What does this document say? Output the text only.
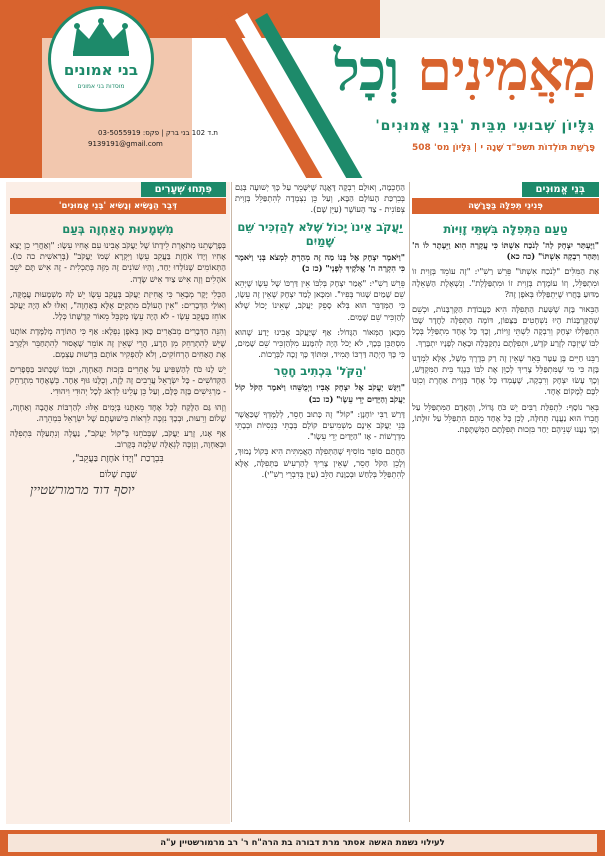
בני אמונים
מוסדות בני אמונים
ת.ד 102 בני ברק | פקס: 03-5055919
9139191@gmail.com
מַאֲמִינִים וְכָל
גִּלָּיוֹן שְׁבוּעִי מִבֵּית 'בְּנֵי אֱמוּנִים'
פָּרָשַׁת תּוֹלְדוֹת תשפ"ד שָׁנָה י | גִּלָּיוֹן מס' 508
בְּנֵי אֱמוּנִים
פְּנִינֵי תְּפִלָּה בַּפָּרָשָׁה
טַעַם הַתְּפִלָּה בִּשְׁתֵּי זָוִיּוֹת

"וַיֶּעְתַּר יִצְחָק לַה' לְנֹכַח אִשְׁתּוֹ כִּי עֲקָרָה הִוא וַיֵּעָתֶר לוֹ ה' וַתַּהַר רִבְקָה אִשְׁתּוֹ" (כה כא)

אֶת הַמִּלִּים "לְנֹכַח אִשְׁתּוֹ" פֵּרֵשׁ רַשִׁ"י: "זֶה עוֹמֵד בְּזָוִית זוֹ וּמִתְפַּלֵּל, וְזוֹ עוֹמֶדֶת בְּזָוִית זוֹ וּמִתְפַּלֶּלֶת". וְנִשְׁאֶלֶת הַשְּׁאֵלָה מַדּוּעַ בָּחֲרוּ שֶׁיִּתְפַּלְּלוּ בְּאֹפֶן זֶה?

הַבֵּאוּר בָּזֶה שֶׁשְּׁעַת הַתְּפִלָּה הִיא כַּעֲבוֹדַת הַקָּרְבָּנוֹת, וּכְשֵׁם שֶׁהַקָּרְבָּנוֹת הָיוּ נִשְׁחָטִים בַּצָּפוֹן, דּוֹמֶה הַתְּפִלָּה לַחֲדָר שֶׁבּוֹ הִתְפַּלְּלוּ יִצְחָק וְרִבְקָה לִשְׁתֵּי זָוִיּוֹת, וְכָךְ כָּל אֶחָד מִתְפַּלֵּל בְּכָל לִבּוֹ שֶׁיִּזְכֶּה לְזֶרַע קֹדֶשׁ, וּתְפִלָּתָם נִתְקַבְּלָה וּבָאָה לְפָנָיו יִתְבָּרַךְ.

רַבֵּנוּ חַיִּים בֶּן עַטָּר בֵּאֵר שֶׁאֵין זֶה רַק בְּדֶרֶךְ מְשָׁל, אֶלָּא לִמְדָנוּ בָּזֶה כִּי מִי שֶׁמִּתְפַּלֵּל צָרִיךְ לְכַוֵּן אֶת לִבּוֹ כְּנֶגֶד בֵּית הַמִּקְדָּשׁ, וְכָךְ עָשׂוּ יִצְחָק וְרִבְקָה, שֶׁעָמְדוּ כָּל אֶחָד בְּזָוִית אַחֶרֶת וְכִוְּנוּ לִבָּם לְמָקוֹם אֶחָד.

בְּאֵר נוֹסָף: לִתְפִלַּת רַבִּים יֵשׁ כֹּחַ גָּדוֹל, וְהָאָדָם הַמִּתְפַּלֵּל עַל חֲבֵרוֹ הוּא נַעֲנֶה תְּחִלָּה, לָכֵן כָּל אֶחָד מֵהֶם הִתְפַּלֵּל עַל זוּלָתוֹ, וְכָךְ נַעֲנוּ שְׁנֵיהֶם יַחַד בִּזְכוּת תְּפִלָּתָם הַמְּשֻׁתֶּפֶת.

הַחָכְמָה, וְאוּלָם רִבְקָה דָּאֲגָה שֶׁיִּשָּׁמֵר עַל כָּךְ יְשׁוּעָה בְּגַם בְּבִרְכַּת הָעוֹלָם הַבָּא, וְעַל כֵּן נִצְמְדָה לְהִתְפַּלֵּל בְּזָוִית צְפוֹנִית - צַד הָעוֹשֶׁר (עַיֵּן שָׁם).

יַעֲקֹב אֵינוֹ יָכוֹל שֶׁלֹּא לְהַזְכִּיר שֵׁם שָׁמַיִם

"וַיֹּאמֶר יִצְחָק אֶל בְּנוֹ מַה זֶּה מִהַרְתָּ לִמְצֹא בְּנִי וַיֹּאמֶר כִּי הִקְרָה ה' אֱלֹקֶיךָ לְפָנָי" (כז כ)

פֵּרֵשׁ רַשִׁ"י: "אָמַר יִצְחָק בְּלִבּוֹ אֵין דַּרְכּוֹ שֶׁל עֵשָׂו שֶׁיְּהֵא שֵׁם שָׁמַיִם שָׁגוּר בְּפִיו". וּמִכָּאן לָמַד יִצְחָק שֶׁאֵין זֶה עֵשָׂו, כִּי הַמְּדַבֵּר הוּא בְּלֹא סָפֵק יַעֲקֹב, שֶׁאֵינוֹ יָכוֹל שֶׁלֹּא לְהַזְכִּיר שֵׁם שָׁמַיִם.

מִכָּאן הַמְּאוֹר הַגָּדוֹל: אַף שֶׁיַּעֲקֹב אָבִינוּ יָדַע שֶׁהוּא מִסְתַּכֵּן בְּכָךְ, לֹא יָכֹל הָיָה לְהִמָּנַע מִלְּהַזְכִּיר שֵׁם שָׁמַיִם, כִּי כָּךְ הָיְתָה דַּרְכּוֹ תָּמִיד, וּמִתּוֹךְ כָּךְ זָכָה לַבְּרָכוֹת.

'הַקֹּל' בִּכְתִיב חָסֵר

"וַיִּגַּשׁ יַעֲקֹב אֶל יִצְחָק אָבִיו וַיְמֻשֵּׁהוּ וַיֹּאמֶר הַקֹּל קוֹל יַעֲקֹב וְהַיָּדַיִם יְדֵי עֵשָׂו" (כז כב)

דָּרַשׁ רַבִּי יוֹחָנָן: "קוֹל" זֶה כָּתוּב חָסֵר, לְלַמֶּדְךָ שֶׁכַּאֲשֶׁר בְּנֵי יַעֲקֹב אֵינָם מַשְׁמִיעִים קוֹלָם בְּבָתֵּי כְּנֵסִיּוֹת וּבְבָתֵּי מִדְרָשׁוֹת - אָז "הַיָּדַיִם יְדֵי עֵשָׂו".

הַחֲתַם סוֹפֵר מוֹסִיף שֶׁהַתְּפִלָּה הָאֲמִתִּית הִיא בְּקוֹל נָמוּךְ, וְלָכֵן הַקֹּל חָסֵר, שֶׁאֵין צָרִיךְ לְהַרְעִישׁ בַּתְּפִלָּה, אֶלָּא לְהִתְפַּלֵּל בְּלַחַשׁ וּבְכַוָּנַת הַלֵּב (עַיֵּן בְּדִבְרֵי רַשִׁ"י).

פִּתְחוּ שְׁעָרִים
דְּבַר הַנָּשִׂיא וְנָשִׂיא 'בְּנֵי אֱמוּנִים'
מִשְׁמָעוּת הָאַחְוָה בְּעַם

בְּפָרָשָׁתֵנוּ מְתֹאָרֶת לֵידָתוֹ שֶׁל יַעֲקֹב אָבִינוּ עִם אָחִיו עֵשָׂו: "וְאַחֲרֵי כֵן יָצָא אָחִיו וְיָדוֹ אֹחֶזֶת בַּעֲקֵב עֵשָׂו וַיִּקְרָא שְׁמוֹ יַעֲקֹב" (בְּרֵאשִׁית כה כו). הַתְּאוֹמִים שֶׁנּוֹלְדוּ יַחַד, וְהָיוּ שׁוֹנִים זֶה מִזֶּה בְּתַכְלִית - זֶה אִישׁ תָּם יֹשֵׁב אֹהָלִים וְזֶה אִישׁ צַיִד אִישׁ שָׂדֶה.

הַכְּלִי יָקָר מְבָאֵר כִּי אֲחִיזַת יַעֲקֹב בְּעֲקֵב עֵשָׂו יֵשׁ לָהּ מַשְׁמָעוּת עֲמֻקָּה, וְאוֹלַי הַדְּבָרִים: "אֵין הָעוֹלָם מִתְקַיֵּם אֶלָּא בְּאַחְוָה", וְאִלּוּ לֹא הָיָה יַעֲקֹב אוֹחֵז בַּעֲקֵב עֵשָׂו - לֹא הָיָה עֵשָׂו מְקַבֵּל מֵאוֹר קְדֻשָּׁתוֹ כְּלָל.

וְהִנֵּה הַדְּבָרִים מְבֹאָרִים כָּאן בְּאֹפֶן נִפְלָא: אַף כִּי הַתּוֹרָה מְלַמֶּדֶת אוֹתָנוּ שֶׁיֵּשׁ לְהִתְרַחֵק מִן הָרָע, הֲרֵי שֶׁאֵין זֶה אוֹמֵר שֶׁאָסוּר לְהִתְחַבֵּר וּלְקָרֵב אֶת הָאַחִים הָרְחוֹקִים, וְלֹא לְהַפְקִיר אוֹתָם בִּרְשׁוּת עַצְמָם.

יֵשׁ לָנוּ כֹּחַ לְהַשְׁפִּיעַ עַל אֲחֵרִים בִּזְכוּת הָאַחְוָה, וּכְמוֹ שֶׁכָּתוּב בַּסְּפָרִים הַקְּדוֹשִׁים - כָּל יִשְׂרָאֵל עֲרֵבִים זֶה לָזֶה, וְכֻלָּנוּ גּוּף אֶחָד. כְּשֶׁאֶחָד מִתְרַחֵק - מַרְגִּישִׁים בָּזֶה כֻּלָּם, וְעַל כֵּן עָלֵינוּ לִדְאֹג לְכָל יְהוּדִי וִיהוּדִי.

וְזֶהוּ גַּם הַלֶּקַח לְכָל אֶחָד מֵאִתָּנוּ בְּיָמִים אֵלּוּ: לְהַרְבּוֹת אַהֲבָה וְאַחְוָה, שָׁלוֹם וְרֵעוּת, וּבְכָךְ נִזְכֶּה לִרְאוֹת בִּישׁוּעָתָם שֶׁל יִשְׂרָאֵל בִּמְהֵרָה.

אַף אָנוּ, זֶרַע יַעֲקֹב, שֶׁבְּכֹחֵנוּ בְּ"קוֹל יַעֲקֹב", נַעֲלֶה וְנִתְעַלֶּה בִּתְפִלָּה וּבְאַחְוָה, וְנִזְכֶּה לְגְאֻלָּה שְׁלֵמָה בְּקָרוֹב.

בִּבְרָכַת "וְיָדוֹ אֹחֶזֶת בַּעֲקֵב",
שַׁבָּת שָׁלוֹם
יוסף דוד מרמורשטיין
לעילוי נשמת האשה אסתר מרת דבורה בת הרה"ח ר' רב מרמורשטיין ע"ה
